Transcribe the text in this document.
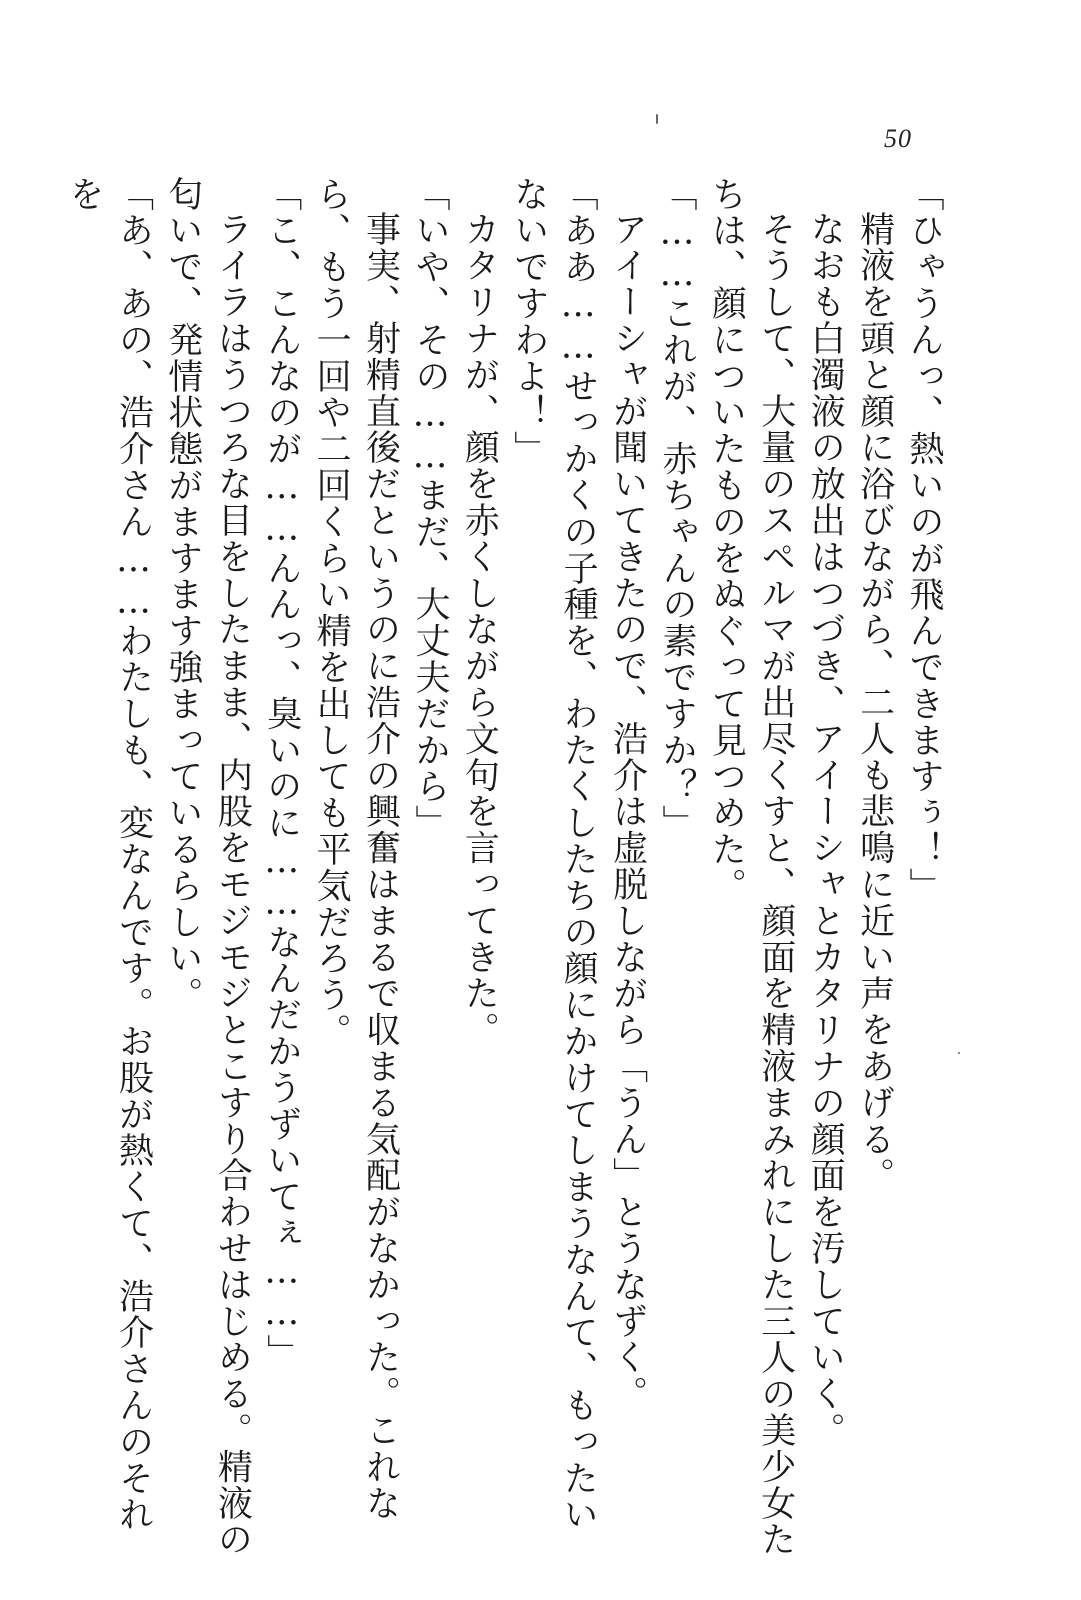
50

「ひゃうんっ、熱いのが飛んできますぅ！」

精液を頭と顔に浴びながら、二人も悲鳴に近い声をあげる。

なおも白濁液の放出はつづき、アイーシャとカタリナの顔面を汚していく。

そうして、大量のスペルマが出尽くすと、顔面を精液まみれにした三人の美少女たちは、顔についたものをぬぐって見つめた。

「……これが、赤ちゃんの素ですか？」

アイーシャが聞いてきたので、浩介は虚脱しながら「うん」とうなずく。

「ああ……せっかくの子種を、わたくしたちの顔にかけてしまうなんて、もったいないですわよ！」

カタリナが、顔を赤くしながら文句を言ってきた。

「いや、その……まだ、大丈夫だから」

事実、射精直後だというのに浩介の興奮はまるで収まる気配がなかった。これなら、もう一回や二回くらい精を出しても平気だろう。

「こ、こんなのが……んんっ、臭いのに……なんだかうずいてぇ……」

ライラはうつろな目をしたまま、内股をモジモジとこすり合わせはじめる。精液の匂いで、発情状態がますます強まっているらしい。

「あ、あの、浩介さん……わたしも、変なんです。お股が熱くて、浩介さんのそれを
